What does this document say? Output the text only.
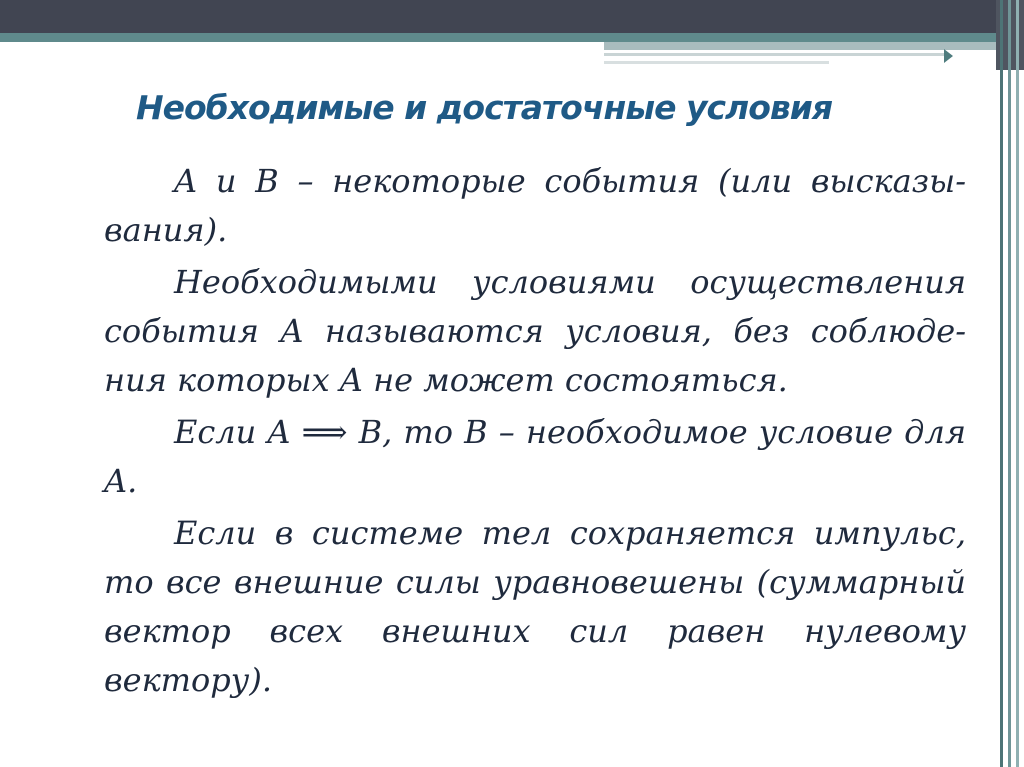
Необходимые и достаточные условия

A и B – некоторые события (или высказы-вания).

Необходимыми условиями осуществления события A называются условия, без соблюде-ния которых A не может состояться.

Если A ⟹ B, то B – необходимое условие для A.

Если в системе тел сохраняется импульс, то все внешние силы уравновешены (суммарный вектор всех внешних сил равен нулевому вектору).
